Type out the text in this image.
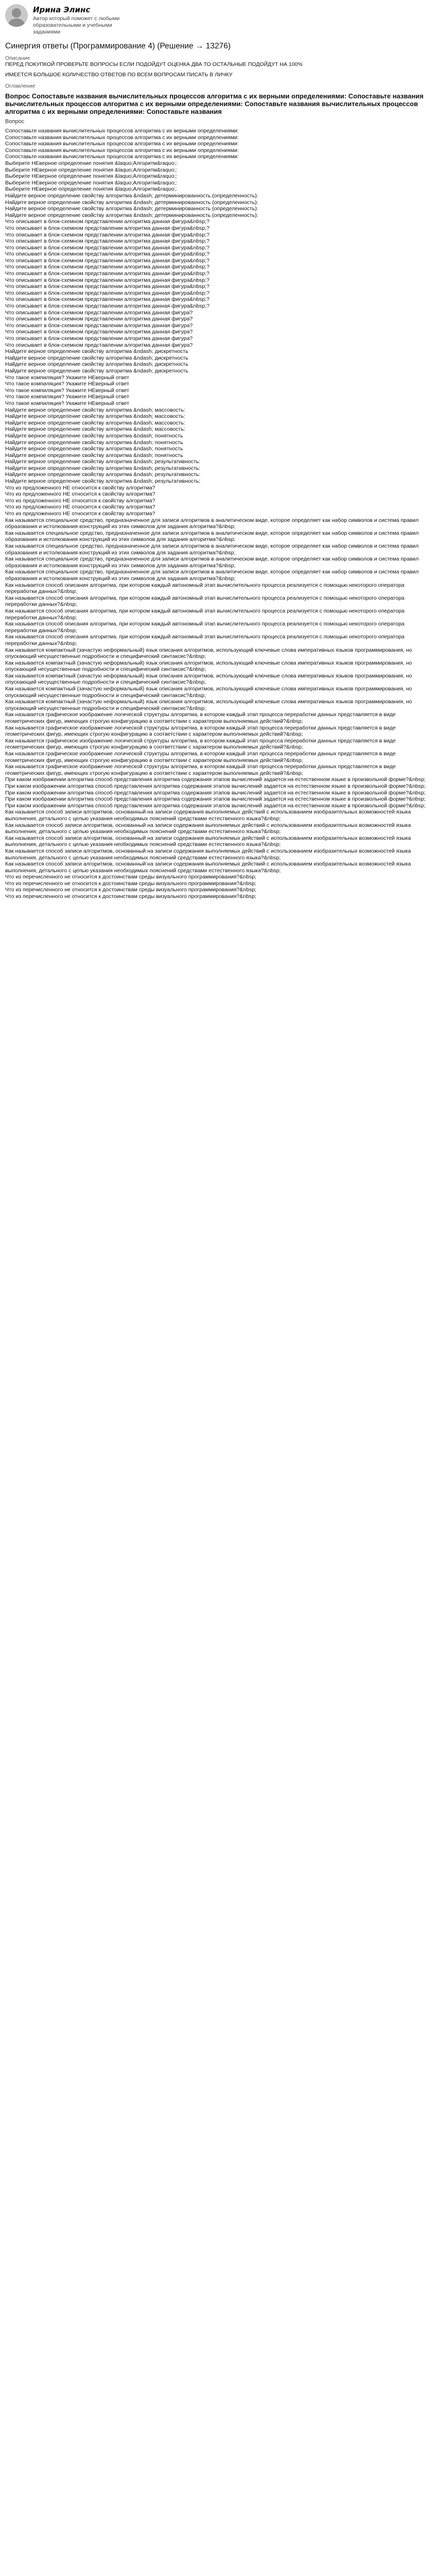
Ирина Элинс
Автор который поможет с любыми образовательными и учебными заданиями
Синергия ответы (Программирование 4) (Решение → 13276)
Описание
ПЕРЕД ПОКУПКОЙ ПРОВЕРЬТЕ ВОПРОСЫ ЕСЛИ ПОДОЙДУТ ОЦЕНКА ДВА ТО ОСТАЛЬНЫЕ ПОДОЙДУТ НА 100%
ИМЕЕТСЯ БОЛЬШОЕ КОЛИЧЕСТВО ОТВЕТОВ ПО ВСЕМ ВОПРОСАМ ПИСАТЬ В ЛИЧКУ
Оглавление
Вопрос Сопоставьте названия вычислительных процессов алгоритма с их верными определениями: Сопоставьте названия вычислительных процессов алгоритма с их верными определениями: Сопоставьте названия вычислительных процессов алгоритма с их верными определениями: Сопоставьте названия
Вопрос
Сопоставьте названия вычислительных процессов алгоритма с их верными определениями:
Сопоставьте названия вычислительных процессов алгоритма с их верными определениями:
Сопоставьте названия вычислительных процессов алгоритма с их верными определениями:
Сопоставьте названия вычислительных процессов алгоритма с их верными определениями:
Сопоставьте названия вычислительных процессов алгоритма с их верными определениями:
Выберите НЕверное определение понятия &laquo;Алгоритм&raquo;:
Выберите НЕверное определение понятия &laquo;Алгоритм&raquo;:
Выберите НЕверное определение понятия &laquo;Алгоритм&raquo;:
Выберите НЕверное определение понятия &laquo;Алгоритм&raquo;:
Выберите НЕверное определение понятия &laquo;Алгоритм&raquo;:
Найдите верное определение свойству алгоритма &ndash; детерминированность (определенность):
Найдите верное определение свойству алгоритма &ndash; детерминированность (определенность):
Найдите верное определение свойству алгоритма &ndash; детерминированность (определенность):
Найдите верное определение свойству алгоритма &ndash; детерминированность (определенность):
Что описывает в блок-схемном представлении алгоритма данная фигура&nbsp;?
Что описывает в блок-схемном представлении алгоритма данная фигура&nbsp;?
Что описывает в блок-схемном представлении алгоритма данная фигура&nbsp;?
Что описывает в блок-схемном представлении алгоритма данная фигура&nbsp;?
Что описывает в блок-схемном представлении алгоритма данная фигура&nbsp;?
Что описывает в блок-схемном представлении алгоритма данная фигура&nbsp;?
Что описывает в блок-схемном представлении алгоритма данная фигура&nbsp;?
Что описывает в блок-схемном представлении алгоритма данная фигура&nbsp;?
Что описывает в блок-схемном представлении алгоритма данная фигура&nbsp;?
Что описывает в блок-схемном представлении алгоритма данная фигура&nbsp;?
Что описывает в блок-схемном представлении алгоритма данная фигура&nbsp;?
Что описывает в блок-схемном представлении алгоритма данная фигура&nbsp;?
Что описывает в блок-схемном представлении алгоритма данная фигура&nbsp;?
Что описывает в блок-схемном представлении алгоритма данная фигура&nbsp;?
Что описывает в блок-схемном представлении алгоритма данная фигура?
Что описывает в блок-схемном представлении алгоритма данная фигура?
Что описывает в блок-схемном представлении алгоритма данная фигура?
Что описывает в блок-схемном представлении алгоритма данная фигура?
Что описывает в блок-схемном представлении алгоритма данная фигура?
Что описывает в блок-схемном представлении алгоритма данная фигура?
Найдите верное определение свойству алгоритма &ndash; дискретность
Найдите верное определение свойству алгоритма &ndash; дискретность
Найдите верное определение свойству алгоритма &ndash; дискретность
Найдите верное определение свойству алгоритма &ndash; дискретность
Что такое компиляция? Укажите НЕверный ответ
Что такое компиляция? Укажите НЕверный ответ
Что такое компиляция? Укажите НЕверный ответ
Что такое компиляция? Укажите НЕверный ответ
Что такое компиляция? Укажите НЕверный ответ
Найдите верное определение свойству алгоритма &ndash; массовость:
Найдите верное определение свойству алгоритма &ndash; массовость:
Найдите верное определение свойству алгоритма &ndash; массовость:
Найдите верное определение свойству алгоритма &ndash; массовость:
Найдите верное определение свойству алгоритма &ndash; понятность
Найдите верное определение свойству алгоритма &ndash; понятность
Найдите верное определение свойству алгоритма &ndash; понятность
Найдите верное определение свойству алгоритма &ndash; понятность
Найдите верное определение свойству алгоритма &ndash; результативность:
Найдите верное определение свойству алгоритма &ndash; результативность:
Найдите верное определение свойству алгоритма &ndash; результативность:
Найдите верное определение свойству алгоритма &ndash; результативность:
Что из предложенного НЕ относится к свойству алгоритма?
Что из предложенного НЕ относится к свойству алгоритма?
Что из предложенного НЕ относится к свойству алгоритма?
Что из предложенного НЕ относится к свойству алгоритма?
Что из предложенного НЕ относится к свойству алгоритма?
Как называется специальное средство, предназначенное для записи алгоритмов в аналитическом виде, которое определяет как набор символов и система правил образования и истолкования конструкций из этих символов для задания алгоритма?&nbsp;
Как называется специальное средство, предназначенное для записи алгоритмов в аналитическом виде, которое определяет как набор символов и система правил образования и истолкования конструкций из этих символов для задания алгоритма?&nbsp;
Как называется специальное средство, предназначенное для записи алгоритмов в аналитическом виде, которое определяет как набор символов и система правил образования и истолкования конструкций из этих символов для задания алгоритма?&nbsp;
Как называется специальное средство, предназначенное для записи алгоритмов в аналитическом виде, которое определяет как набор символов и система правил образования и истолкования конструкций из этих символов для задания алгоритма?&nbsp;
Как называется специальное средство, предназначенное для записи алгоритмов в аналитическом виде, которое определяет как набор символов и система правил образования и истолкования конструкций из этих символов для задания алгоритма?&nbsp;
Как называется способ описания алгоритма, при котором каждый автономный этап вычислительного процесса реализуется с помощью некоторого оператора переработки данных?&nbsp;
Как называется способ описания алгоритма, при котором каждый автономный этап вычислительного процесса реализуется с помощью некоторого оператора переработки данных?&nbsp;
Как называется способ описания алгоритма, при котором каждый автономный этап вычислительного процесса реализуется с помощью некоторого оператора переработки данных?&nbsp;
Как называется способ описания алгоритма, при котором каждый автономный этап вычислительного процесса реализуется с помощью некоторого оператора переработки данных?&nbsp;
Как называется способ описания алгоритма, при котором каждый автономный этап вычислительного процесса реализуется с помощью некоторого оператора переработки данных?&nbsp;
Как называется компактный (зачастую неформальный) язык описания алгоритмов, использующий ключевые слова императивных языков программирования, но опускающий несущественные подробности и специфический синтаксис?&nbsp;
Как называется компактный (зачастую неформальный) язык описания алгоритмов, использующий ключевые слова императивных языков программирования, но опускающий несущественные подробности и специфический синтаксис?&nbsp;
Как называется компактный (зачастую неформальный) язык описания алгоритмов, использующий ключевые слова императивных языков программирования, но опускающий несущественные подробности и специфический синтаксис?&nbsp;
Как называется компактный (зачастую неформальный) язык описания алгоритмов, использующий ключевые слова императивных языков программирования, но опускающий несущественные подробности и специфический синтаксис?&nbsp;
Как называется компактный (зачастую неформальный) язык описания алгоритмов, использующий ключевые слова императивных языков программирования, но опускающий несущественные подробности и специфический синтаксис?&nbsp;
Как называется графическое изображение логической структуры алгоритма, в котором каждый этап процесса переработки данных представляется в виде геометрических фигур, имеющих строгую конфигурацию в соответствии с характером выполняемых действий?&nbsp;
Как называется графическое изображение логической структуры алгоритма, в котором каждый этап процесса переработки данных представляется в виде геометрических фигур, имеющих строгую конфигурацию в соответствии с характером выполняемых действий?&nbsp;
Как называется графическое изображение логической структуры алгоритма, в котором каждый этап процесса переработки данных представляется в виде геометрических фигур, имеющих строгую конфигурацию в соответствии с характером выполняемых действий?&nbsp;
Как называется графическое изображение логической структуры алгоритма, в котором каждый этап процесса переработки данных представляется в виде геометрических фигур, имеющих строгую конфигурацию в соответствии с характером выполняемых действий?&nbsp;
Как называется графическое изображение логической структуры алгоритма, в котором каждый этап процесса переработки данных представляется в виде геометрических фигур, имеющих строгую конфигурацию в соответствии с характером выполняемых действий?&nbsp;
При каком изображении алгоритма способ представления алгоритма содержания этапов вычислений задается на естественном языке в произвольной форме?&nbsp;
При каком изображении алгоритма способ представления алгоритма содержания этапов вычислений задается на естественном языке в произвольной форме?&nbsp;
При каком изображении алгоритма способ представления алгоритма содержания этапов вычислений задается на естественном языке в произвольной форме?&nbsp;
При каком изображении алгоритма способ представления алгоритма содержания этапов вычислений задается на естественном языке в произвольной форме?&nbsp;
При каком изображении алгоритма способ представления алгоритма содержания этапов вычислений задается на естественном языке в произвольной форме?&nbsp;
Как называется способ записи алгоритмов, основанный на записи содержания выполняемых действий с использованием изобразительных возможностей языка выполнения, детального с целью указания необходимых пояснений средствами естественного языка?&nbsp;
Как называется способ записи алгоритмов, основанный на записи содержания выполняемых действий с использованием изобразительных возможностей языка выполнения, детального с целью указания необходимых пояснений средствами естественного языка?&nbsp;
Как называется способ записи алгоритмов, основанный на записи содержания выполняемых действий с использованием изобразительных возможностей языка выполнения, детального с целью указания необходимых пояснений средствами естественного языка?&nbsp;
Как называется способ записи алгоритмов, основанный на записи содержания выполняемых действий с использованием изобразительных возможностей языка выполнения, детального с целью указания необходимых пояснений средствами естественного языка?&nbsp;
Как называется способ записи алгоритмов, основанный на записи содержания выполняемых действий с использованием изобразительных возможностей языка выполнения, детального с целью указания необходимых пояснений средствами естественного языка?&nbsp;
Что из перечисленного не относится к достоинствам среды визуального программирования?&nbsp;
Что из перечисленного не относится к достоинствам среды визуального программирования?&nbsp;
Что из перечисленного не относится к достоинствам среды визуального программирования?&nbsp;
Что из перечисленного не относится к достоинствам среды визуального программирования?&nbsp;
